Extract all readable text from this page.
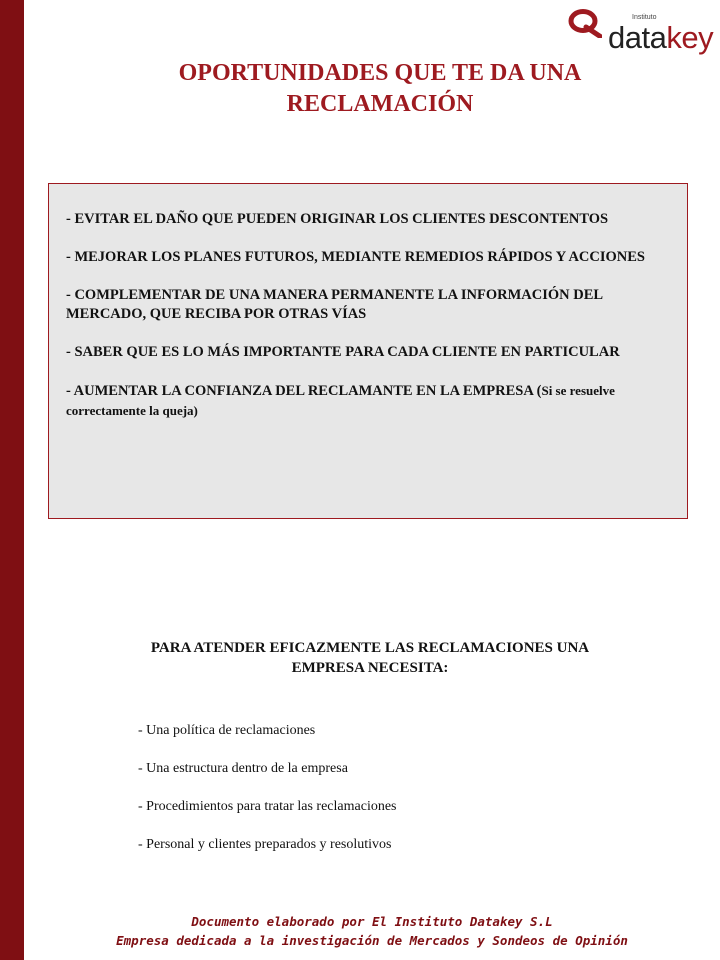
Instituto
datakey
OPORTUNIDADES QUE TE DA UNA
RECLAMACIÓN
- EVITAR EL DAÑO QUE PUEDEN ORIGINAR LOS CLIENTES DESCONTENTOS
- MEJORAR LOS PLANES FUTUROS, MEDIANTE REMEDIOS RÁPIDOS Y ACCIONES
- COMPLEMENTAR DE UNA MANERA PERMANENTE LA INFORMACIÓN DEL MERCADO, QUE RECIBA POR OTRAS VÍAS
- SABER QUE ES LO MÁS IMPORTANTE PARA CADA CLIENTE EN PARTICULAR
- AUMENTAR LA CONFIANZA DEL RECLAMANTE EN LA EMPRESA (Si se resuelve correctamente la queja)
PARA ATENDER EFICAZMENTE LAS RECLAMACIONES UNA
EMPRESA NECESITA:
- Una política de reclamaciones
- Una estructura dentro de la empresa
- Procedimientos para tratar las reclamaciones
- Personal y clientes preparados y resolutivos
Documento elaborado por El Instituto Datakey S.L
Empresa dedicada a la investigación de Mercados y Sondeos de Opinión
